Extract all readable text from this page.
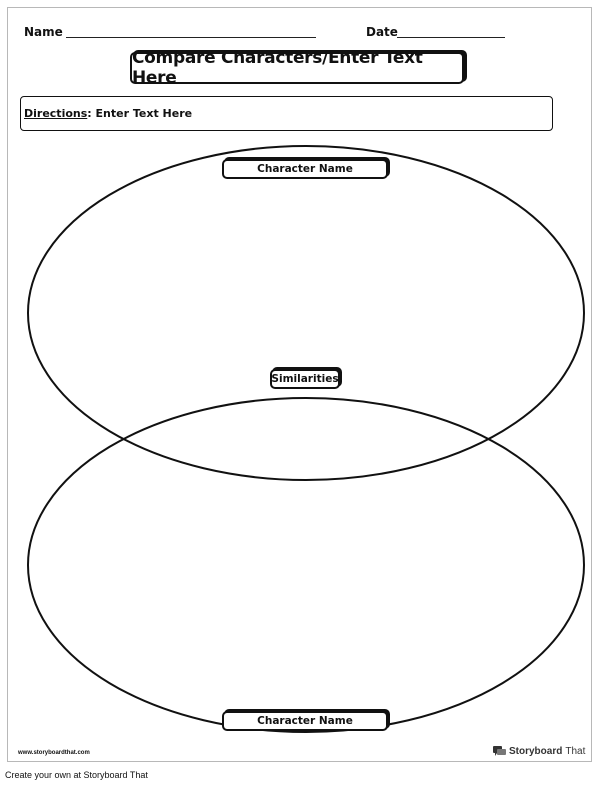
Name	Date
Compare Characters/Enter Text Here
Directions: Enter Text Here
Character Name
Similarities
Character Name
www.storyboardthat.com	Storyboard That
Create your own at Storyboard That
